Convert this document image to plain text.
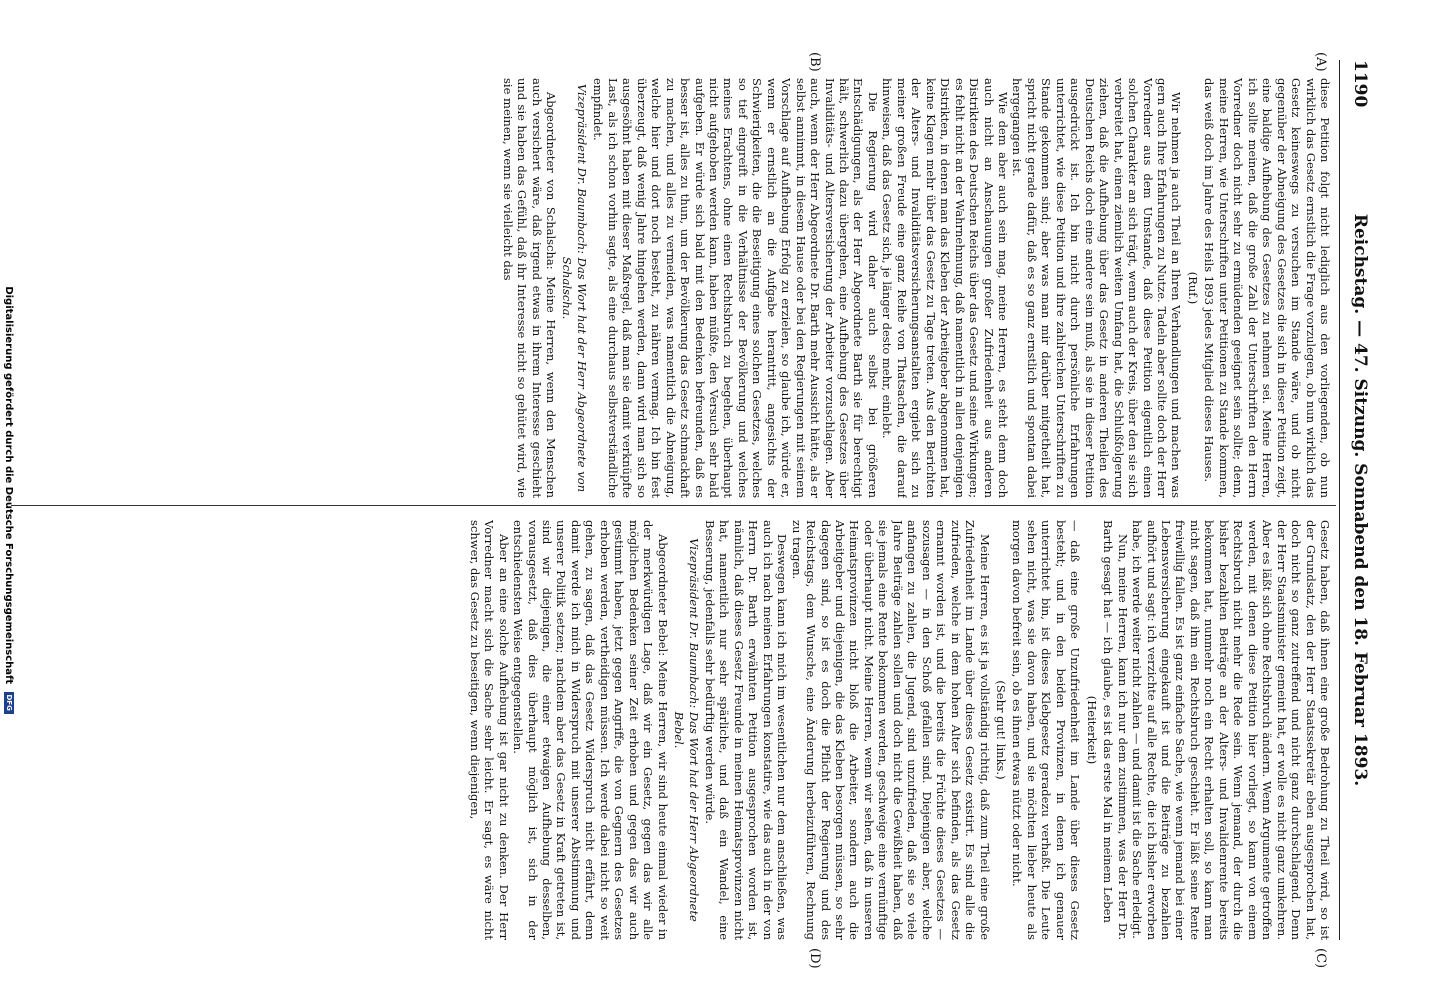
1190
Reichstag. — 47. Sitzung. Sonnabend den 18. Februar 1893.
(A)
(B)
(C)
(D)

diese Petition folgt nicht lediglich aus den vorliegenden, ob nun wirklich das Gesetz ernstlich die Frage vorzulegen, ob nun wirklich das Gesetz keineswegs zu versuchen im Stande wäre, und ob nicht gegenüber der Abneigung des Gesetzes die sich in dieser Petition zeigt, eine baldige Aufhebung des Gesetzes zu nehmen sei. Meine Herren, ich sollte meinen, daß die große Zahl der Unterschriften den Herrn Vorredner doch nicht sehr zu ermüdenden geeignet sein sollte; denn, meine Herren, wie Unterschriften unter Petitionen zu Stande kommen, das weiß doch im Jahre des Heils 1893 jedes Mitglied dieses Hauses.

(Ruf.)

Wir nehmen ja auch Theil an Ihren Verhandlungen und machen was gern auch Ihre Erfahrungen zu Nutze. Tadeln aber sollte doch der Herr Vorredner aus dem Umstande, daß diese Petition eigentlich einen solchen Charakter an sich trägt, wenn auch der Kreis, über den sie sich verbreitet hat, einen ziemlich weiten Umfang hat, die Schlußfolgerung ziehen, daß die Aufhebung über das Gesetz in anderen Theilen des Deutschen Reichs doch eine andere sein muß, als sie in dieser Petition ausgedrückt ist. Ich bin nicht durch persönliche Erfahrungen unterrichtet, wie diese Petition und ihre zahlreichen Unterschriften zu Stande gekommen sind; aber was man mir darüber mitgetheilt hat, spricht nicht gerade dafür, daß es so ganz ernstlich und spontan dabei hergegangen ist.

Wie dem aber auch sein mag, meine Herren, es steht denn doch auch nicht an Anschauungen großer Zufriedenheit aus anderen Distrikten des Deutschen Reichs über das Gesetz und seine Wirkungen; es fehlt nicht an der Wahrnehmung, daß namentlich in allen denjenigen Distrikten, in denen man das Kleben der Arbeitgeber abgenommen hat, keine Klagen mehr über das Gesetz zu Tage treten. Aus den Berichten der Alters- und Invaliditätsversicherungsanstalten ergiebt sich zu meiner großen Freude eine ganz Reihe von Thatsachen, die darauf hinweisen, daß das Gesetz sich, je länger desto mehr, einlebt.

Die Regierung wird daher auch selbst bei größeren Entschädigungen, als der Herr Abgeordnete Barth sie für berechtigt hält, schwerlich dazu übergehen, eine Aufhebung des Gesetzes über Invaliditäts- und Altersversicherung der Arbeiter vorzuschlagen. Aber auch, wenn der Herr Abgeordnete Dr. Barth mehr Aussicht hätte, als er selbst annimmt, in diesem Hause oder bei den Regierungen mit seinem Vorschlage auf Aufhebung Erfolg zu erzielen, so glaube ich, würde er, wenn er ernstlich an die Aufgabe herantritt, angesichts der Schwierigkeiten, die die Beseitigung eines solchen Gesetzes, welches so tief eingreift in die Verhältnisse der Bevölkerung und welches meines Erachtens, ohne einen Rechtsbruch zu begehen, überhaupt nicht aufgehoben werden kann, haben müßte, den Versuch sehr bald aufgeben. Er würde sich bald mit den Bedenken befreunden, daß es besser ist, alles zu thun, um der Bevölkerung das Gesetz schmackhaft zu machen, und alles zu vermeiden, was namentlich die Abneigung, welche hier und dort noch besteht, zu nähren vermag. Ich bin fest überzeugt, daß wenig Jahre hingehen werden, dann wird man sich so ausgesöhnt haben mit dieser Maßregel, daß man sie damit verknüpfte Last, als ich schon vorhin sagte, als eine durchaus selbstverständliche empfindet.

Vizepräsident Dr. Baumbach: Das Wort hat der Herr Abgeordnete von Schalscha.

Abgeordneter von Schalscha: Meine Herren, wenn den Menschen auch versichert wäre, daß irgend etwas in ihrem Interesse geschieht und sie haben das Gefühl, daß ihr Interesse nicht so gehütet wird, wie sie meinen, wenn sie vielleicht das

Gesetz haben, daß ihnen eine große Bedrohung zu Theil wird, so ist der Grundsatz, den der Herr Staatssekretär eben ausgesprochen hat, doch nicht so ganz zutreffend und nicht ganz durchschlagend. Denn der Herr Staatsminister gemeint hat, er wolle es nicht ganz umkehren. Aber es läßt sich ohne Rechtsbruch ändern. Wenn Argumente getroffen werden, mit denen diese Petition hier vorliegt, so kann von einem Rechtsbruch nicht mehr die Rede sein. Wenn jemand, der durch die bisher bezahlten Beiträge an der Alters- und Invalidenrente bereits bekommen hat, nunmehr noch ein Recht erhalten soll, so kann man nicht sagen, daß ihm ein Rechtsbruch geschieht. Er läßt seine Rente freiwillig fallen. Es ist ganz einfache Sache, wie wenn jemand bei einer Lebensversicherung eingekauft ist und die Beiträge zu bezahlen aufhört und sagt: ich verzichte auf alle Rechte, die ich bisher erworben habe, ich werde weiter nicht zahlen — und damit ist die Sache erledigt.

Nun, meine Herren, kann ich nur dem zustimmen, was der Herr Dr. Barth gesagt hat — ich glaube, es ist das erste Mal in meinem Leben

(Heiterkeit)

— daß eine große Unzufriedenheit im Lande über dieses Gesetz besteht; und in den beiden Provinzen, in denen ich genauer unterrichtet bin, ist dieses Klebgesetz geradezu verhaßt. Die Leute sehen nicht, was sie davon haben, und sie möchten lieber heute als morgen davon befreit sein, ob es ihnen etwas nützt oder nicht.

(Sehr gut! links.)

Meine Herren, es ist ja vollständig richtig, daß zum Theil eine große Zufriedenheit im Lande über dieses Gesetz existirt. Es sind alle die zufrieden, welche in dem hohen Alter sich befinden, als das Gesetz ernannt worden ist, und die bereits die Früchte dieses Gesetzes — sozusagen — in den Schoß gefallen sind. Diejenigen aber, welche anfangen zu zahlen, die Jugend, sind unzufrieden, daß sie so viele Jahre Beiträge zahlen sollen und doch nicht die Gewißheit haben, daß sie jemals eine Rente bekommen werden, geschweige eine vernünftige oder überhaupt nicht. Meine Herren, wenn wir sehen, daß in unseren Heimatsprovinzen nicht bloß die Arbeiter, sondern auch die Arbeitgeber und diejenigen, die das Kleben besorgen müssen, so sehr dagegen sind, so ist es doch die Pflicht der Regierung und des Reichstags, dem Wunsche, eine Änderung herbeizuführen, Rechnung zu tragen.

Deswegen kann ich mich im wesentlichen nur dem anschließen, was auch ich nach meinen Erfahrungen konstatire, wie das auch in der von Herrn Dr. Barth erwähnten Petition ausgesprochen worden ist, nämlich, daß dieses Gesetz Freunde in meinen Heimatsprovinzen nicht hat, namentlich nur sehr spärliche, und daß ein Wandel, eine Besserung, jedenfalls sehr bedürftig werden würde.

Vizepräsident Dr. Baumbach: Das Wort hat der Herr Abgeordnete Bebel.

Abgeordneter Bebel: Meine Herren, wir sind heute einmal wieder in der merkwürdigen Lage, daß wir ein Gesetz, gegen das wir alle möglichen Bedenken seiner Zeit erhoben und gegen das wir auch gestimmt haben, jetzt gegen Angriffe, die von Gegnern des Gesetzes erhoben werden, vertheidigen müssen. Ich werde dabei nicht so weit gehen, zu sagen, daß das Gesetz Widerspruch nicht erfährt, denn damit werde ich mich in Widerspruch mit unserer Abstimmung und unserer Politik setzen; nachdem aber das Gesetz in Kraft getreten ist, sind wir diejenigen, die einer etwaigen Aufhebung desselben, vorausgesetzt, daß dies überhaupt möglich ist, sich in der entschiedensten Weise entgegenstellen.

Aber an eine solche Aufhebung ist gar nicht zu denken. Der Herr Vorredner macht sich die Sache sehr leicht. Er sagt, es wäre nicht schwer, das Gesetz zu beseitigen, wenn diejenigen,

Digitalisierung gefördert durch die Deutsche Forschungsgemeinschaft DFG
